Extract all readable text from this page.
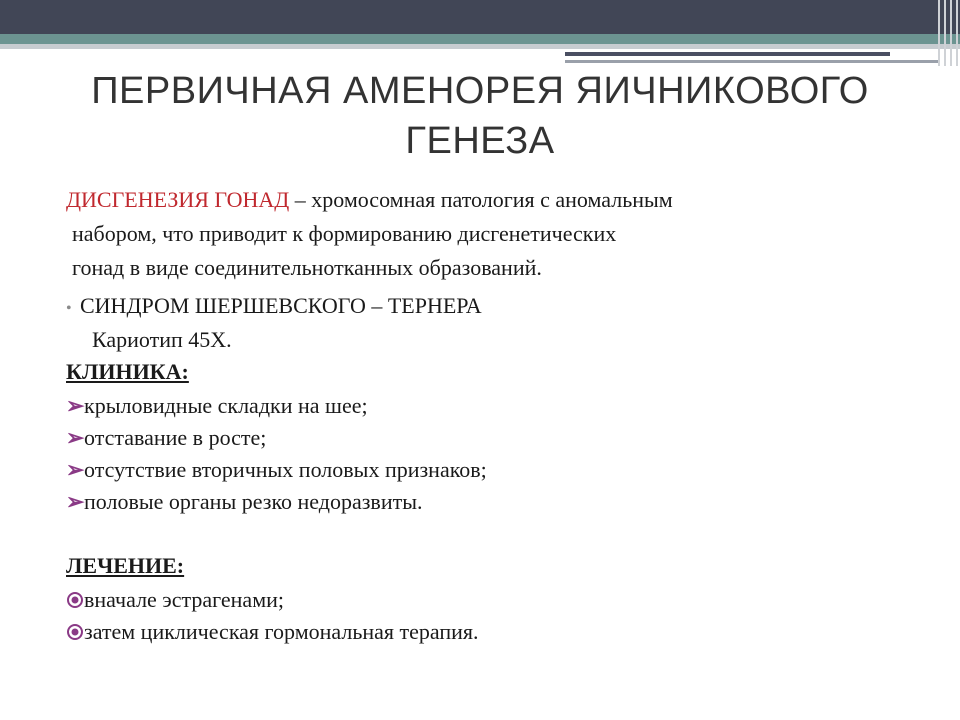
ПЕРВИЧНАЯ АМЕНОРЕЯ ЯИЧНИКОВОГО
ГЕНЕЗА
ДИСГЕНЕЗИЯ ГОНАД – хромосомная патология с аномальным
набором, что приводит к формированию дисгенетических
гонад в виде соединительнотканных образований.
• СИНДРОМ ШЕРШЕВСКОГО – ТЕРНЕРА
Кариотип 45Х.
КЛИНИКА:
➢крыловидные складки на шее;
➢отставание в росте;
➢отсутствие вторичных половых признаков;
➢половые органы резко недоразвиты.
ЛЕЧЕНИЕ:
вначале эстрагенами;
затем циклическая гормональная терапия.
